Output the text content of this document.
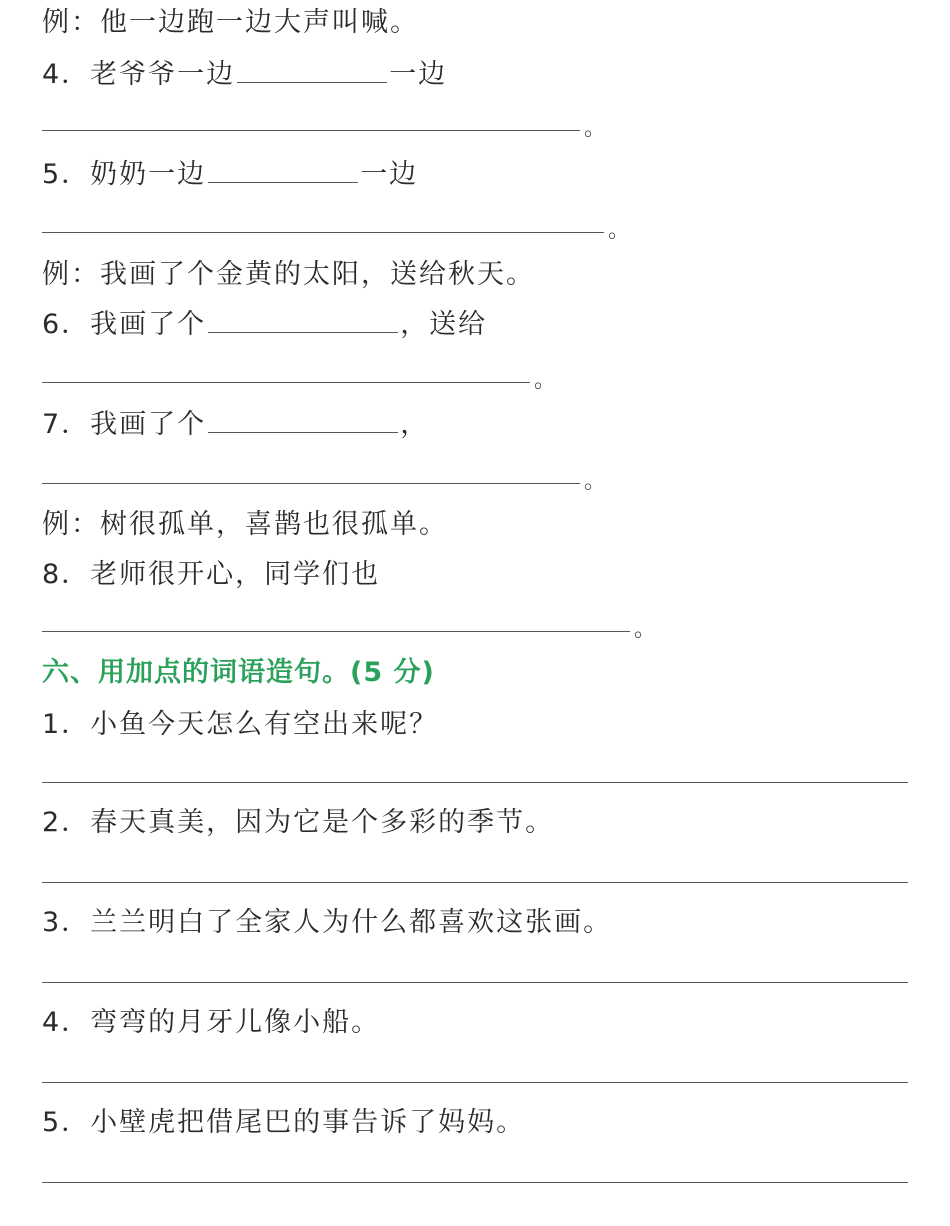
例：他一边跑一边大声叫喊。
4．老爷爷一边	一边
。
5．奶奶一边	一边
。
例：我画了个金黄的太阳，送给秋天。
6．我画了个	，送给
。
7．我画了个	，
。
例：树很孤单，喜鹊也很孤单。
8．老师很开心，同学们也
。
六、用加点的词语造句。(5 分)
1．小鱼今天怎么有空出来呢？
2．春天真美，因为它是个多彩的季节。
3．兰兰明白了全家人为什么都喜欢这张画。
4．弯弯的月牙儿像小船。
5．小壁虎把借尾巴的事告诉了妈妈。
